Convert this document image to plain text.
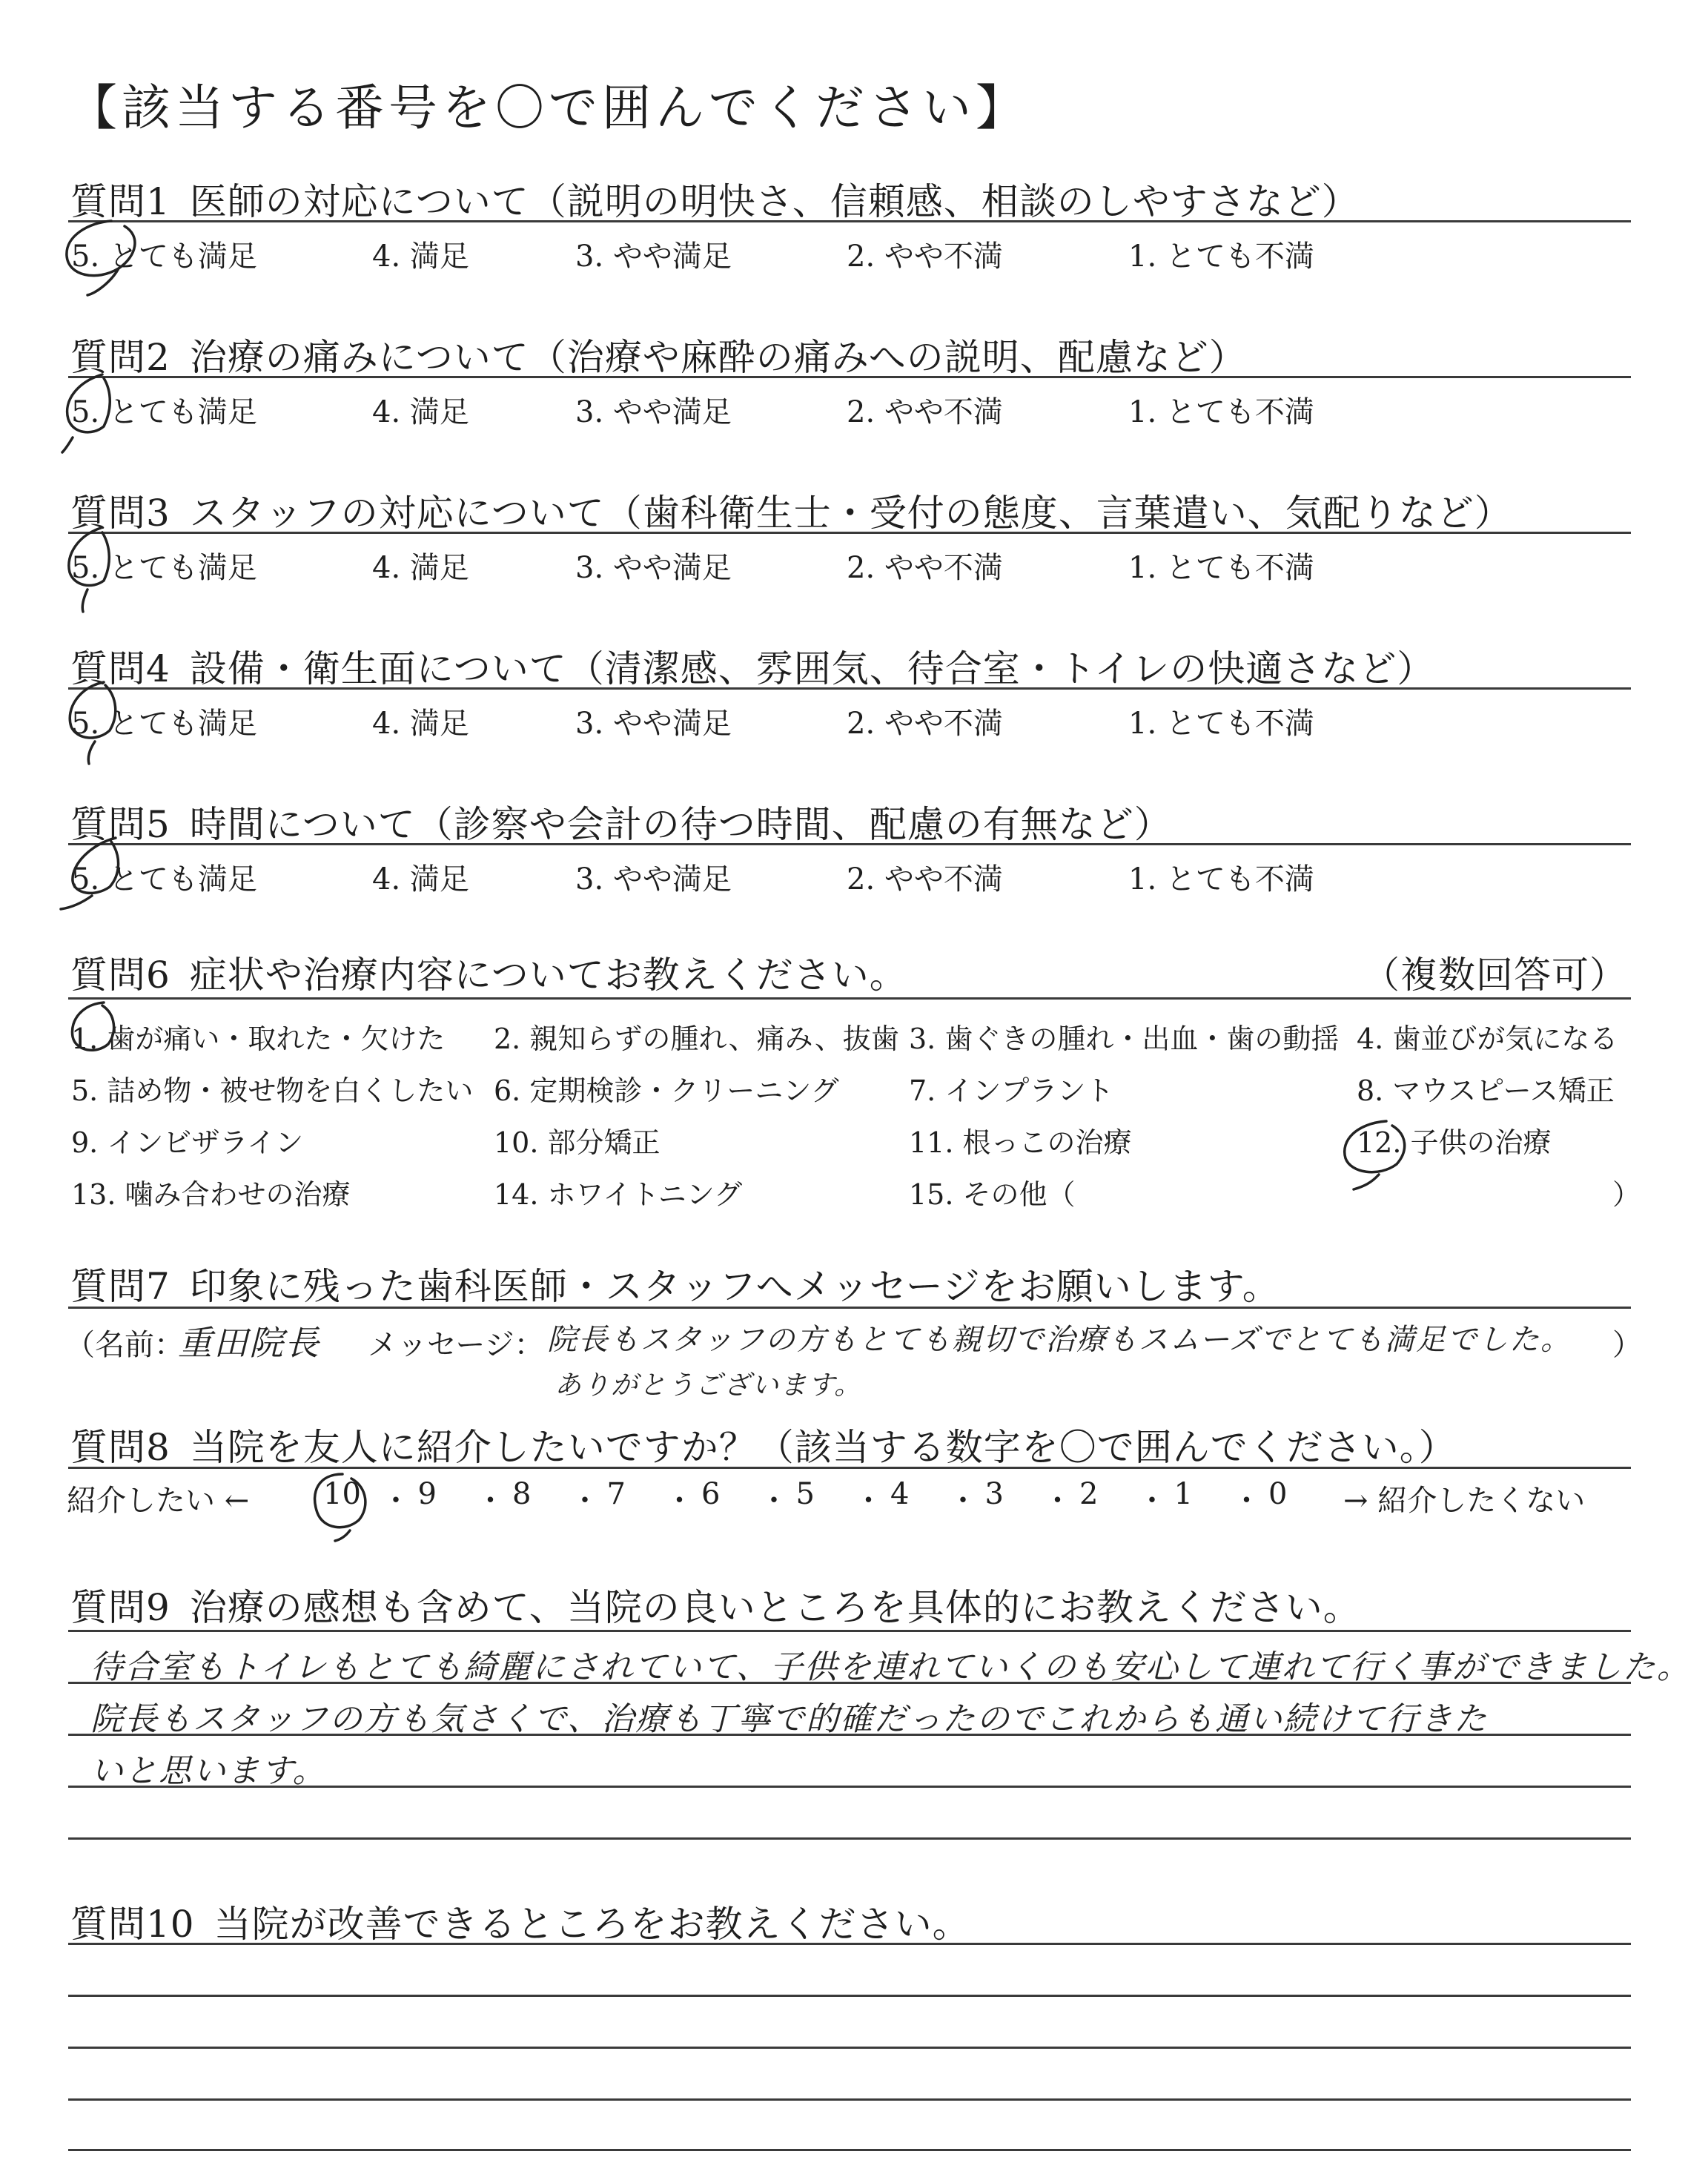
【該当する番号を〇で囲んでください】
質問1 医師の対応について（説明の明快さ、信頼感、相談のしやすさなど）
5. とても満足	4. 満足	3. やや満足	2. やや不満	1. とても不満
質問2 治療の痛みについて（治療や麻酔の痛みへの説明、配慮など）
5. とても満足	4. 満足	3. やや満足	2. やや不満	1. とても不満
質問3 スタッフの対応について（歯科衛生士・受付の態度、言葉遣い、気配りなど）
5. とても満足	4. 満足	3. やや満足	2. やや不満	1. とても不満
質問4 設備・衛生面について（清潔感、雰囲気、待合室・トイレの快適さなど）
5. とても満足	4. 満足	3. やや満足	2. やや不満	1. とても不満
質問5 時間について（診察や会計の待つ時間、配慮の有無など）
5. とても満足	4. 満足	3. やや満足	2. やや不満	1. とても不満
質問6 症状や治療内容についてお教えください。	（複数回答可）
1. 歯が痛い・取れた・欠けた 2. 親知らずの腫れ、痛み、抜歯 3. 歯ぐきの腫れ・出血・歯の動揺 4. 歯並びが気になる
5. 詰め物・被せ物を白くしたい 6. 定期検診・クリーニング 7. インプラント	8. マウスピース矯正
9. インビザライン	10. 部分矯正	11. 根っこの治療	12. 子供の治療
13. 噛み合わせの治療	14. ホワイトニング	15. その他（	）
質問7 印象に残った歯科医師・スタッフへメッセージをお願いします。
（名前：
重田院長 メッセージ： 院長もスタッフの方もとても親切で治療もスムーズでとても満足でした。
ありがとうございます。
）
質問8 当院を友人に紹介したいですか？（該当する数字を〇で囲んでください。）
紹介したい ← 10 ・ 9 ・ 8 ・ 7 ・ 6 ・ 5 ・ 4 ・ 3 ・ 2 ・ 1 ・ 0 → 紹介したくない
質問9 治療の感想も含めて、当院の良いところを具体的にお教えください。
待合室もトイレもとても綺麗にされていて、子供を連れていくのも安心して連れて行く事ができました。
院長もスタッフの方も気さくで、治療も丁寧で的確だったのでこれからも通い続けて行きた
いと思います。
質問10 当院が改善できるところをお教えください。
